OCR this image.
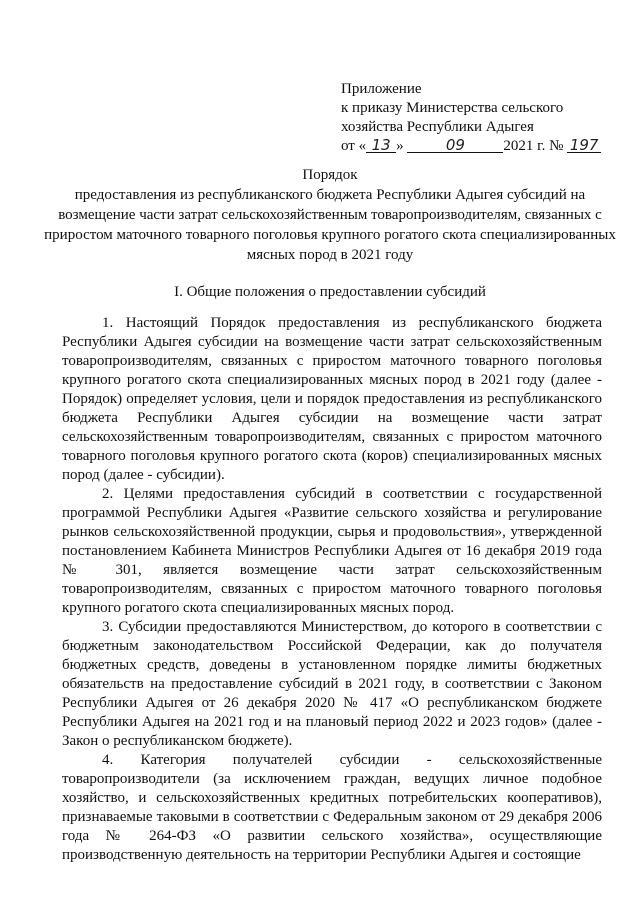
Приложение
к приказу Министерства сельского
хозяйства Республики Адыгея
от « 13 »	09	2021 г. № 197
Порядок
предоставления из республиканского бюджета Республики Адыгея субсидий на возмещение части затрат сельскохозяйственным товаропроизводителям, связанных с приростом маточного товарного поголовья крупного рогатого скота специализированных мясных пород в 2021 году
I. Общие положения о предоставлении субсидий

1. Настоящий Порядок предоставления из республиканского бюджета Республики Адыгея субсидии на возмещение части затрат сельскохозяйственным товаропроизводителям, связанных с приростом маточного товарного поголовья крупного рогатого скота специализированных мясных пород в 2021 году (далее - Порядок) определяет условия, цели и порядок предоставления из республиканского бюджета Республики Адыгея субсидии на возмещение части затрат сельскохозяйственным товаропроизводителям, связанных с приростом маточного товарного поголовья крупного рогатого скота (коров) специализированных мясных пород (далее - субсидии).

2. Целями предоставления субсидий в соответствии с государственной программой Республики Адыгея «Развитие сельского хозяйства и регулирование рынков сельскохозяйственной продукции, сырья и продовольствия», утвержденной постановлением Кабинета Министров Республики Адыгея от 16 декабря 2019 года № 301, является возмещение части затрат сельскохозяйственным товаропроизводителям, связанных с приростом маточного товарного поголовья крупного рогатого скота специализированных мясных пород.

3. Субсидии предоставляются Министерством, до которого в соответствии с бюджетным законодательством Российской Федерации, как до получателя бюджетных средств, доведены в установленном порядке лимиты бюджетных обязательств на предоставление субсидий в 2021 году, в соответствии с Законом Республики Адыгея от 26 декабря 2020 № 417 «О республиканском бюджете Республики Адыгея на 2021 год и на плановый период 2022 и 2023 годов» (далее - Закон о республиканском бюджете).

4. Категория получателей субсидии - сельскохозяйственные товаропроизводители (за исключением граждан, ведущих личное подобное хозяйство, и сельскохозяйственных кредитных потребительских кооперативов), признаваемые таковыми в соответствии с Федеральным законом от 29 декабря 2006 года № 264-ФЗ «О развитии сельского хозяйства», осуществляющие производственную деятельность на территории Республики Адыгея и состоящие
